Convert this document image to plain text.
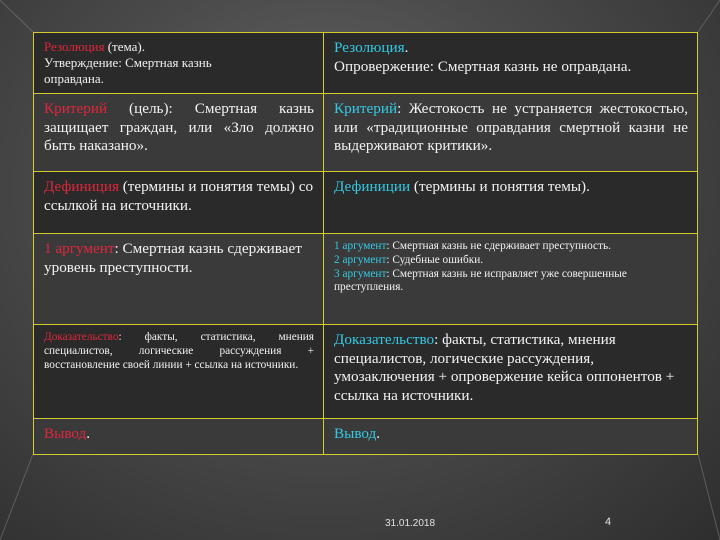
Резолюция (тема).
Утверждение: Смертная казнь
оправдана.	Резолюция.
Опровержение: Смертная казнь не оправдана.
Критерий (цель): Смертная казнь защищает граждан, или «Зло должно быть наказано».	Критерий: Жестокость не устраняется жестокостью, или «традиционные оправдания смертной казни не выдерживают критики».
Дефиниция (термины и понятия темы) со ссылкой на источники.	Дефиниции (термины и понятия темы).
1 аргумент: Смертная казнь сдерживает уровень преступности.	1 аргумент: Смертная казнь не сдерживает преступность.
2 аргумент: Судебные ошибки.
3 аргумент: Смертная казнь не исправляет уже совершенные преступления.
Доказательство: факты, статистика, мнения специалистов, логические рассуждения + восстановление своей линии + ссылка на источники.	Доказательство: факты, статистика, мнения специалистов, логические рассуждения, умозаключения + опровержение кейса оппонентов + ссылка на источники.
Вывод.	Вывод.
31.01.2018	4
